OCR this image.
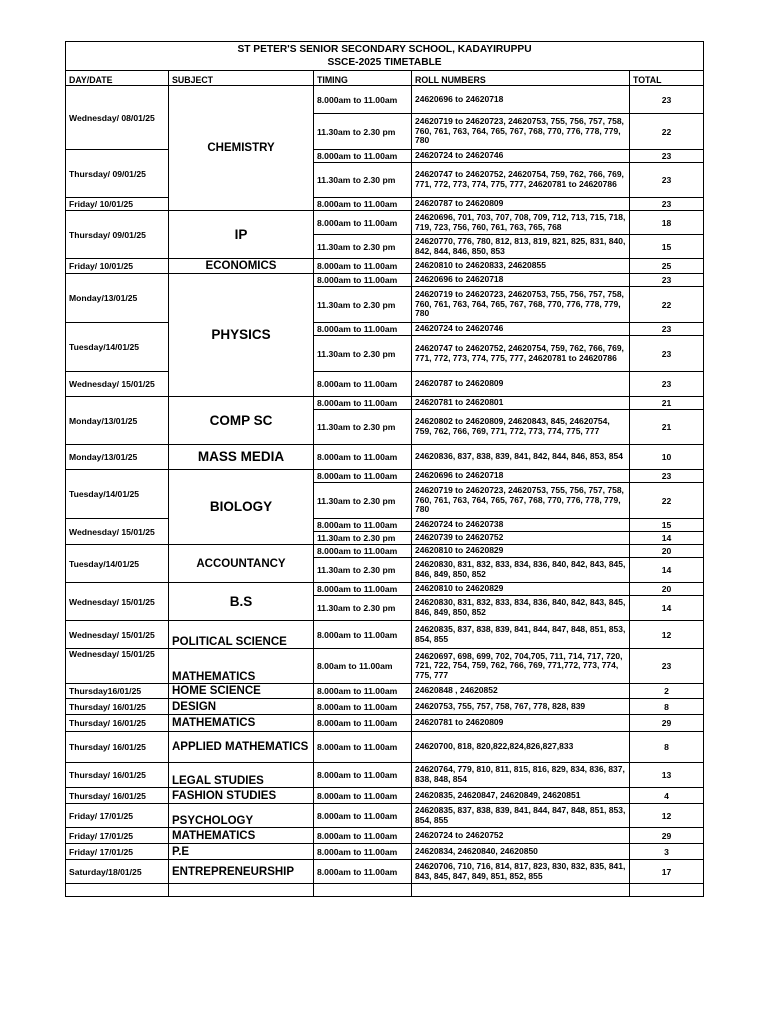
ST PETER'S SENIOR SECONDARY SCHOOL, KADAYIRUPPU
SSCE-2025 TIMETABLE				

DAY/DATE	SUBJECT	TIMING	ROLL NUMBERS	TOTAL
Wednesday/ 08/01/25	CHEMISTRY	8.000am to 11.00am	24620696 to 24620718	23
		11.30am to 2.30 pm	24620719 to 24620723, 24620753, 755, 756, 757, 758, 760, 761, 763, 764, 765, 767, 768, 770, 776, 778, 779, 780	22
Thursday/ 09/01/25		8.000am to 11.00am	24620724 to 24620746	23
		11.30am to 2.30 pm	24620747 to 24620752, 24620754, 759, 762, 766, 769, 771, 772, 773, 774, 775, 777, 24620781 to 24620786	23
Friday/ 10/01/25		8.000am to 11.00am	24620787 to 24620809	23
Thursday/ 09/01/25	IP	8.000am to 11.00am	24620696, 701, 703, 707, 708, 709, 712, 713, 715, 718, 719, 723, 756, 760, 761, 763, 765, 768	18
		11.30am to 2.30 pm	24620770, 776, 780, 812, 813, 819, 821, 825, 831, 840, 842, 844, 846, 850, 853	15
Friday/ 10/01/25	ECONOMICS	8.000am to 11.00am	24620810 to 24620833, 24620855	25
Monday/13/01/25	PHYSICS	8.000am to 11.00am	24620696 to 24620718	23
		11.30am to 2.30 pm	24620719 to 24620723, 24620753, 755, 756, 757, 758, 760, 761, 763, 764, 765, 767, 768, 770, 776, 778, 779, 780	22
Tuesday/14/01/25		8.000am to 11.00am	24620724 to 24620746	23
		11.30am to 2.30 pm	24620747 to 24620752, 24620754, 759, 762, 766, 769, 771, 772, 773, 774, 775, 777, 24620781 to 24620786	23
Wednesday/ 15/01/25		8.000am to 11.00am	24620787 to 24620809	23
Monday/13/01/25	COMP SC	8.000am to 11.00am	24620781 to 24620801	21
		11.30am to 2.30 pm	24620802 to 24620809, 24620843, 845, 24620754, 759, 762, 766, 769, 771, 772, 773, 774, 775, 777	21
Monday/13/01/25	MASS MEDIA	8.000am to 11.00am	24620836, 837, 838, 839, 841, 842, 844, 846, 853, 854	10
Tuesday/14/01/25	BIOLOGY	8.000am to 11.00am	24620696 to 24620718	23
		11.30am to 2.30 pm	24620719 to 24620723, 24620753, 755, 756, 757, 758, 760, 761, 763, 764, 765, 767, 768, 770, 776, 778, 779, 780	22
Wednesday/ 15/01/25		8.000am to 11.00am	24620724 to 24620738	15
		11.30am to 2.30 pm	24620739 to 24620752	14
Tuesday/14/01/25	ACCOUNTANCY	8.000am to 11.00am	24620810 to 24620829	20
		11.30am to 2.30 pm	24620830, 831, 832, 833, 834, 836, 840, 842, 843, 845, 846, 849, 850, 852	14
Wednesday/ 15/01/25	B.S	8.000am to 11.00am	24620810 to 24620829	20
		11.30am to 2.30 pm	24620830, 831, 832, 833, 834, 836, 840, 842, 843, 845, 846, 849, 850, 852	14
Wednesday/ 15/01/25	POLITICAL SCIENCE	8.000am to 11.00am	24620835, 837, 838, 839, 841, 844, 847, 848, 851, 853, 854, 855	12
Wednesday/ 15/01/25	MATHEMATICS	8.00am to 11.00am	24620697, 698, 699, 702, 704,705, 711, 714, 717, 720, 721, 722, 754, 759, 762, 766, 769, 771,772, 773, 774, 775, 777	23
Thursday16/01/25	HOME SCIENCE	8.000am to 11.00am	24620848 , 24620852	2
Thursday/ 16/01/25	DESIGN	8.000am to 11.00am	24620753, 755, 757, 758, 767, 778, 828, 839	8
Thursday/ 16/01/25	MATHEMATICS	8.000am to 11.00am	24620781 to 24620809	29
Thursday/ 16/01/25	APPLIED MATHEMATICS	8.000am to 11.00am	24620700, 818, 820,822,824,826,827,833	8
Thursday/ 16/01/25	LEGAL STUDIES	8.000am to 11.00am	24620764, 779, 810, 811, 815, 816, 829, 834, 836, 837, 838, 848, 854	13
Thursday/ 16/01/25	FASHION STUDIES	8.000am to 11.00am	24620835, 24620847, 24620849, 24620851	4
Friday/ 17/01/25	PSYCHOLOGY	8.000am to 11.00am	24620835, 837, 838, 839, 841, 844, 847, 848, 851, 853, 854, 855	12
Friday/ 17/01/25	MATHEMATICS	8.000am to 11.00am	24620724 to 24620752	29
Friday/ 17/01/25	P.E	8.000am to 11.00am	24620834, 24620840, 24620850	3
Saturday/18/01/25	ENTREPRENEURSHIP	8.000am to 11.00am	24620706, 710, 716, 814, 817, 823, 830, 832, 835, 841, 843, 845, 847, 849, 851, 852, 855	17
